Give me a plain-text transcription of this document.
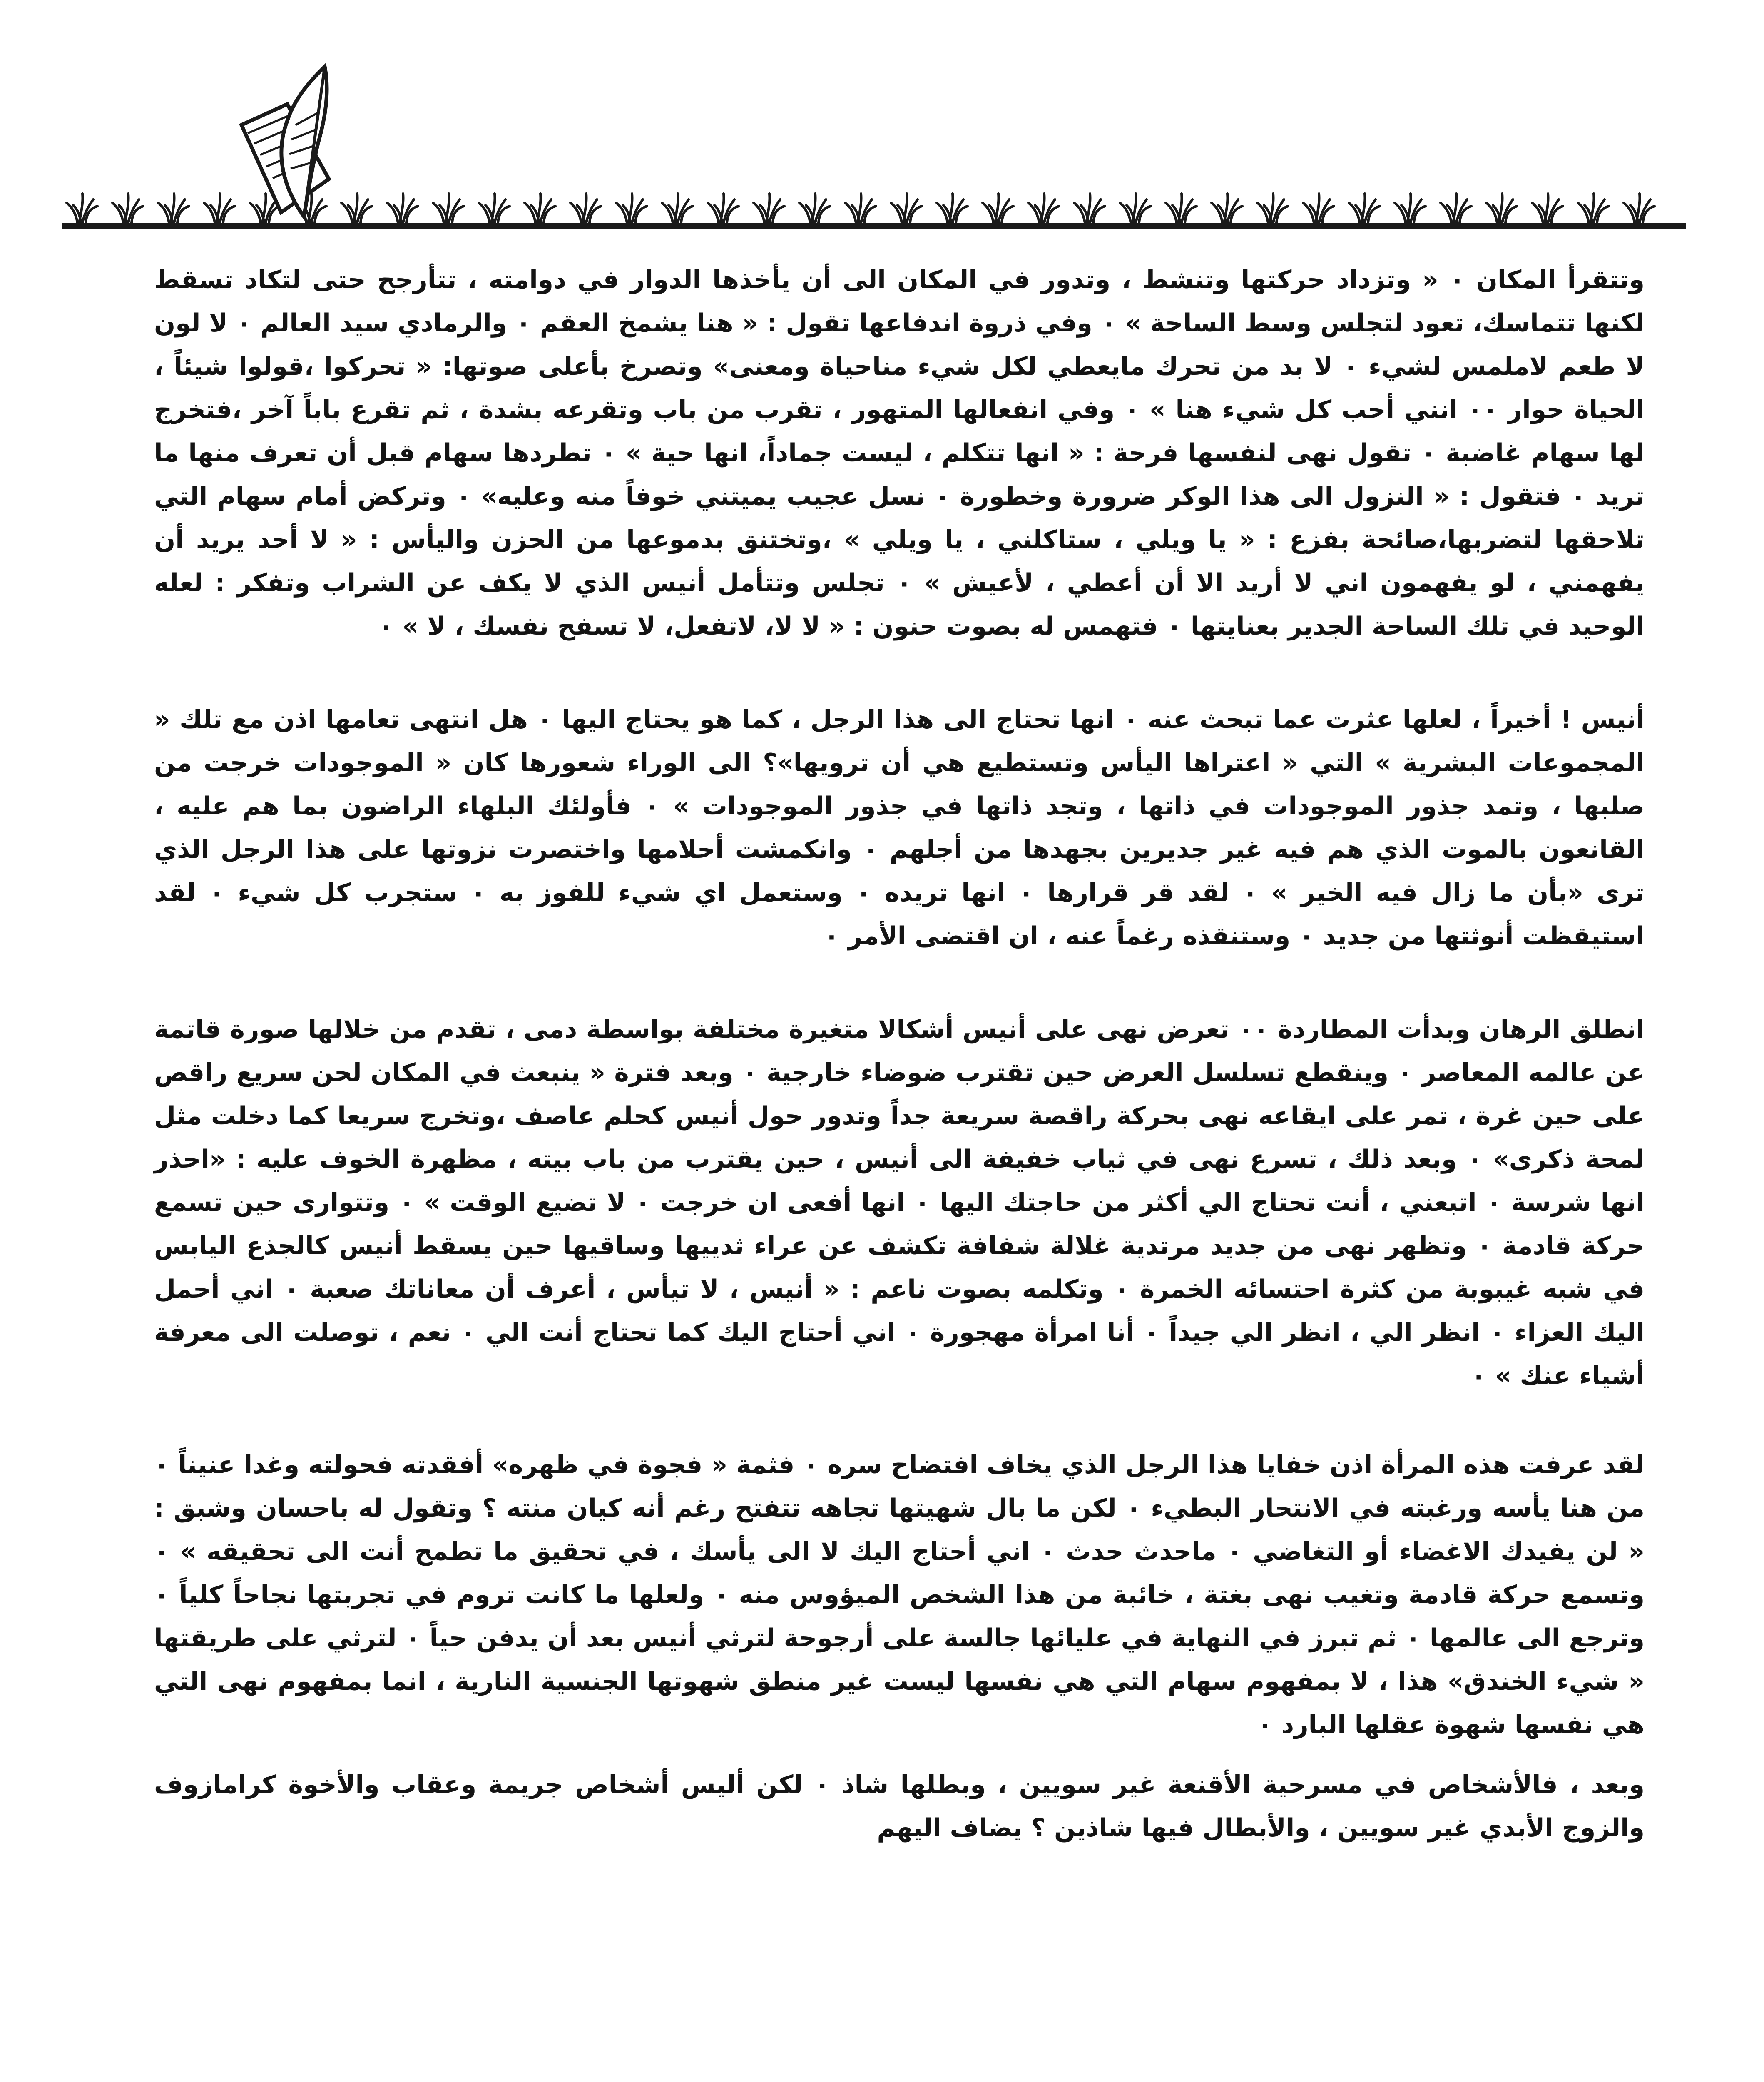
وتتقرأ المكان ٠ « وتزداد حركتها وتنشط ، وتدور في المكان الى أن يأخذها الدوار في دوامته ، تتأرجح حتى لتكاد تسقط لكنها تتماسك، تعود لتجلس وسط الساحة » ٠ وفي ذروة اندفاعها تقول : « هنا يشمخ العقم ٠ والرمادي سيد العالم ٠ لا لون لا طعم لاملمس لشيء ٠ لا بد من تحرك مايعطي لكل شيء مناحياة ومعنى» وتصرخ بأعلى صوتها: « تحركوا ،قولوا شيئاً ، الحياة حوار ٠٠ انني أحب كل شيء هنا » ٠ وفي انفعالها المتهور ، تقرب من باب وتقرعه بشدة ، ثم تقرع باباً آخر ،فتخرج لها سهام غاضبة ٠ تقول نهى لنفسها فرحة : « انها تتكلم ، ليست جماداً، انها حية » ٠ تطردها سهام قبل أن تعرف منها ما تريد ٠ فتقول : « النزول الى هذا الوكر ضرورة وخطورة ٠ نسل عجيب يميتني خوفاً منه وعليه» ٠ وتركض أمام سهام التي تلاحقها لتضربها،صائحة بفزع : « يا ويلي ، ستاكلني ، يا ويلي » ،وتختنق بدموعها من الحزن واليأس : « لا أحد يريد أن يفهمني ، لو يفهمون اني لا أريد الا أن أعطي ، لأعيش » ٠ تجلس وتتأمل أنيس الذي لا يكف عن الشراب وتفكر : لعله الوحيد في تلك الساحة الجدير بعنايتها ٠ فتهمس له بصوت حنون : « لا لا، لاتفعل، لا تسفح نفسك ، لا » ٠

أنيس ! أخيراً ، لعلها عثرت عما تبحث عنه ٠ انها تحتاج الى هذا الرجل ، كما هو يحتاج اليها ٠ هل انتهى تعامها اذن مع تلك « المجموعات البشرية » التي « اعتراها اليأس وتستطيع هي أن ترويها»؟ الى الوراء شعورها كان « الموجودات خرجت من صلبها ، وتمد جذور الموجودات في ذاتها ، وتجد ذاتها في جذور الموجودات » ٠ فأولئك البلهاء الراضون بما هم عليه ، القانعون بالموت الذي هم فيه غير جديرين بجهدها من أجلهم ٠ وانكمشت أحلامها واختصرت نزوتها على هذا الرجل الذي ترى «بأن ما زال فيه الخير » ٠ لقد قر قرارها ٠ انها تريده ٠ وستعمل اي شيء للفوز به ٠ ستجرب كل شيء ٠ لقد استيقظت أنوثتها من جديد ٠ وستنقذه رغماً عنه ، ان اقتضى الأمر ٠

انطلق الرهان وبدأت المطاردة ٠٠ تعرض نهى على أنيس أشكالا متغيرة مختلفة بواسطة دمى ، تقدم من خلالها صورة قاتمة عن عالمه المعاصر ٠ وينقطع تسلسل العرض حين تقترب ضوضاء خارجية ٠ وبعد فترة « ينبعث في المكان لحن سريع راقص على حين غرة ، تمر على ايقاعه نهى بحركة راقصة سريعة جداً وتدور حول أنيس كحلم عاصف ،وتخرج سريعا كما دخلت مثل لمحة ذكرى» ٠ وبعد ذلك ، تسرع نهى في ثياب خفيفة الى أنيس ، حين يقترب من باب بيته ، مظهرة الخوف عليه : «احذر انها شرسة ٠ اتبعني ، أنت تحتاج الي أكثر من حاجتك اليها ٠ انها أفعى ان خرجت ٠ لا تضيع الوقت » ٠ وتتوارى حين تسمع حركة قادمة ٠ وتظهر نهى من جديد مرتدية غلالة شفافة تكشف عن عراء ثدييها وساقيها حين يسقط أنيس كالجذع اليابس في شبه غيبوبة من كثرة احتسائه الخمرة ٠ وتكلمه بصوت ناعم : « أنيس ، لا تيأس ، أعرف أن معاناتك صعبة ٠ اني أحمل اليك العزاء ٠ انظر الي ، انظر الي جيداً ٠ أنا امرأة مهجورة ٠ اني أحتاج اليك كما تحتاج أنت الي ٠ نعم ، توصلت الى معرفة أشياء عنك » ٠

لقد عرفت هذه المرأة اذن خفايا هذا الرجل الذي يخاف افتضاح سره ٠ فثمة « فجوة في ظهره» أفقدته فحولته وغدا عنيناً ٠ من هنا يأسه ورغبته في الانتحار البطيء ٠ لكن ما بال شهيتها تجاهه تتفتح رغم أنه كيان منته ؟ وتقول له باحسان وشبق : « لن يفيدك الاغضاء أو التغاضي ٠ ماحدث حدث ٠ اني أحتاج اليك لا الى يأسك ، في تحقيق ما تطمح أنت الى تحقيقه » ٠ وتسمع حركة قادمة وتغيب نهى بغتة ، خائبة من هذا الشخص الميؤوس منه ٠ ولعلها ما كانت تروم في تجربتها نجاحاً كلياً ٠ وترجع الى عالمها ٠ ثم تبرز في النهاية في عليائها جالسة على أرجوحة لترثي أنيس بعد أن يدفن حياً ٠ لترثي على طريقتها « شيء الخندق» هذا ، لا بمفهوم سهام التي هي نفسها ليست غير منطق شهوتها الجنسية النارية ، انما بمفهوم نهى التي هي نفسها شهوة عقلها البارد ٠

وبعد ، فالأشخاص في مسرحية الأقنعة غير سويين ، وبطلها شاذ ٠ لكن أليس أشخاص جريمة وعقاب والأخوة كرامازوف والزوج الأبدي غير سويين ، والأبطال فيها شاذين ؟ يضاف اليهم
